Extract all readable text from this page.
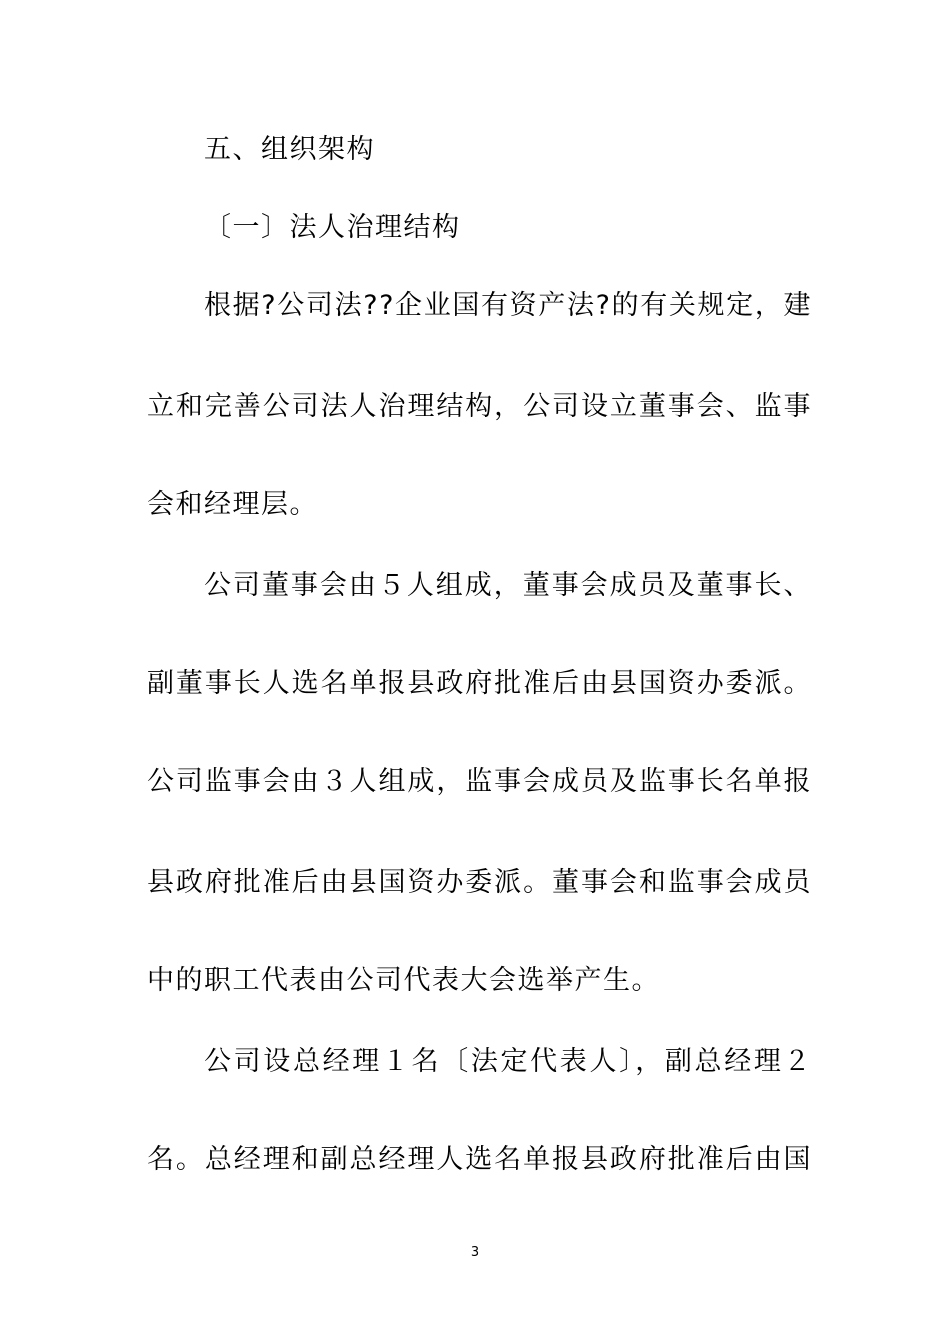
五、组织架构
〔一〕法人治理结构
根据?公司法??企业国有资产法?的有关规定，建
立和完善公司法人治理结构，公司设立董事会、监事
会和经理层。
公司董事会由５人组成，董事会成员及董事长、
副董事长人选名单报县政府批准后由县国资办委派。
公司监事会由３人组成，监事会成员及监事长名单报
县政府批准后由县国资办委派。董事会和监事会成员
中的职工代表由公司代表大会选举产生。
公司设总经理１名〔法定代表人〕，副总经理２
名。总经理和副总经理人选名单报县政府批准后由国
3
